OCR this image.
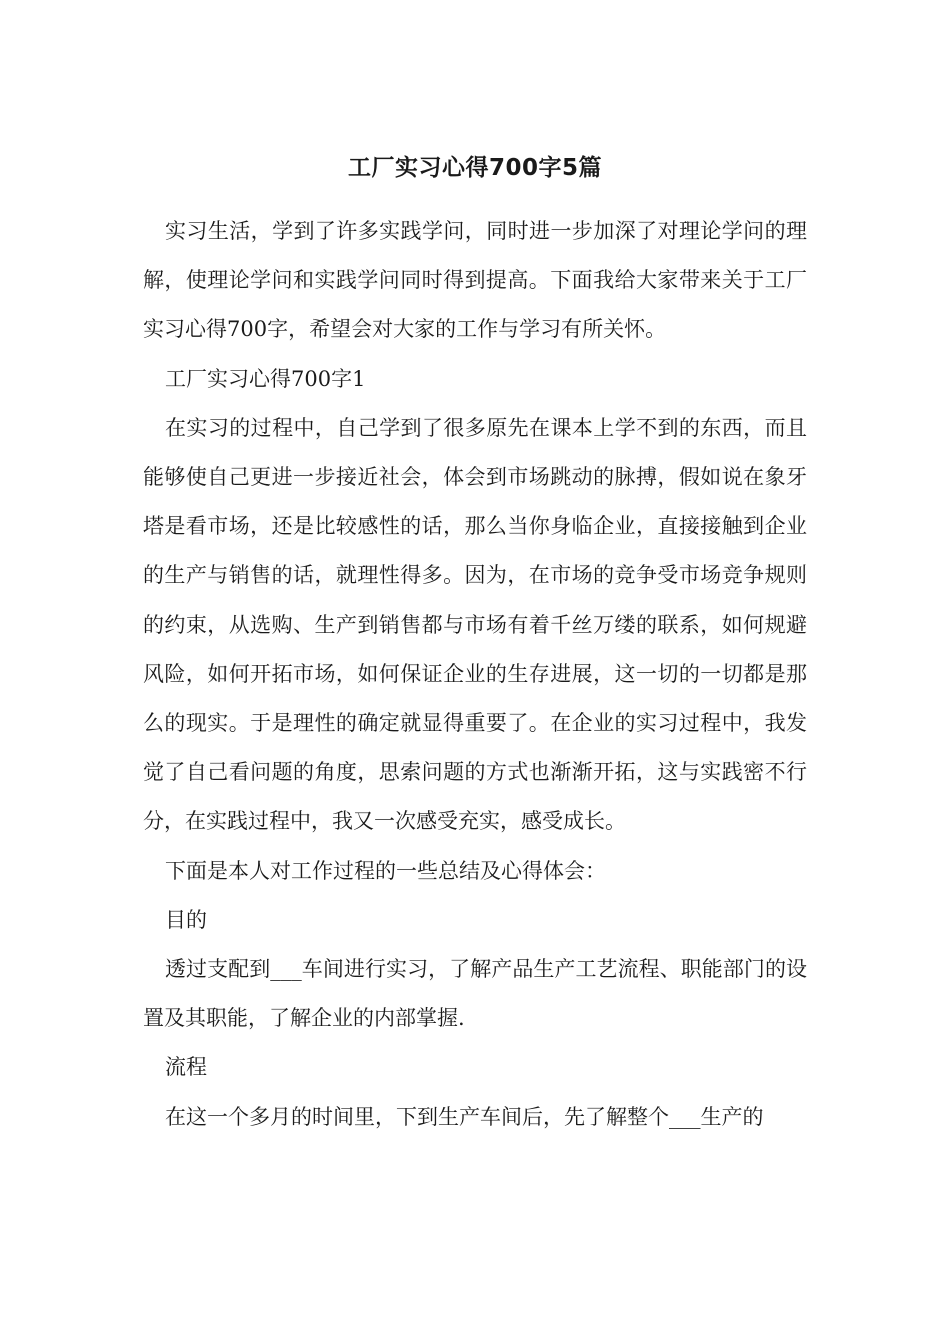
工厂实习心得700字5篇

实习生活，学到了许多实践学问，同时进一步加深了对理论学问的理解，使理论学问和实践学问同时得到提高。下面我给大家带来关于工厂实习心得700字，希望会对大家的工作与学习有所关怀。

工厂实习心得700字1

在实习的过程中，自己学到了很多原先在课本上学不到的东西，而且能够使自己更进一步接近社会，体会到市场跳动的脉搏，假如说在象牙塔是看市场，还是比较感性的话，那么当你身临企业，直接接触到企业的生产与销售的话，就理性得多。因为，在市场的竞争受市场竞争规则的约束，从选购、生产到销售都与市场有着千丝万缕的联系，如何规避风险，如何开拓市场，如何保证企业的生存进展，这一切的一切都是那么的现实。于是理性的确定就显得重要了。在企业的实习过程中，我发觉了自己看问题的角度，思索问题的方式也渐渐开拓，这与实践密不行分，在实践过程中，我又一次感受充实，感受成长。

下面是本人对工作过程的一些总结及心得体会：

目的

透过支配到___车间进行实习，了解产品生产工艺流程、职能部门的设置及其职能，了解企业的内部掌握.

流程

在这一个多月的时间里，下到生产车间后，先了解整个___生产的
